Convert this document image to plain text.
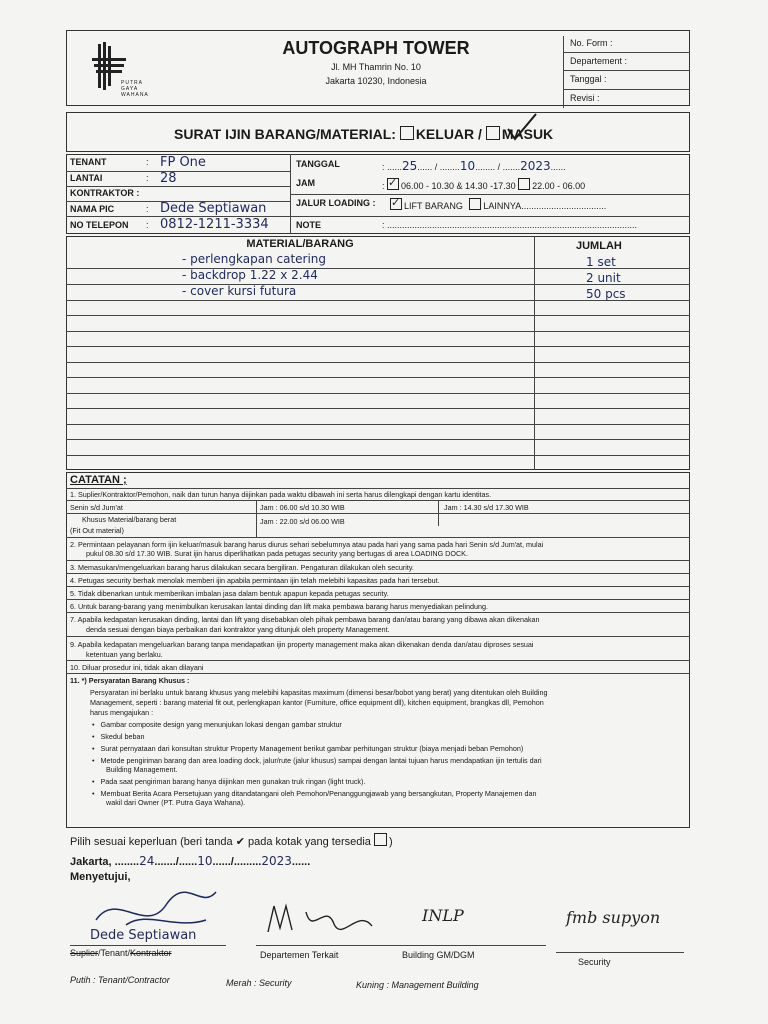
PUTRA
GAYA
WAHANA
AUTOGRAPH TOWER
Jl. MH Thamrin No. 10
Jakarta 10230, Indonesia
No. Form :
Departement :
Tanggal :
Revisi :
SURAT IJIN BARANG/MATERIAL: KELUAR / MASUK
TENANT	: FP One
LANTAI	: 28
KONTRAKTOR :
NAMA PIC	: Dede Septiawan
NO TELEPON : 0812-1211-3334
TANGGAL	: ......25...... / ........10........ / .......2023......
JAM	: ✓06.00 - 10.30 & 14.30 -17.30 22.00 - 06.00
JALUR LOADING :
✓	LIFT BARANG LAINNYA..................................
NOTE	: ....................................................................................................
MATERIAL/BARANG	JUMLAH
- perlengkapan catering	1 set
- backdrop 1.22 x 2.44	2 unit
- cover kursi futura	50 pcs
CATATAN ;
1. Suplier/Kontraktor/Pemohon, naik dan turun hanya diijinkan pada waktu dibawah ini serta harus dilengkapi dengan kartu identitas.
Senin s/d Jum'at	Jam : 06.00 s/d 10.30 WIB	Jam : 14.30 s/d 17.30 WIB
Khusus Material/barang berat	Jam : 22.00 s/d 06.00 WIB
(Fit Out material)
2. Permintaan pelayanan form ijin keluar/masuk barang harus diurus sehari sebelumnya atau pada hari yang sama pada hari Senin s/d Jum'at, mulai
pukul 08.30 s/d 17.30 WIB. Surat ijin harus diperlihatkan pada petugas security yang bertugas di area LOADING DOCK.
3. Memasukan/mengeluarkan barang harus dilakukan secara bergiliran. Pengaturan dilakukan oleh security.
4. Petugas security berhak menolak memberi ijin apabila permintaan ijin telah melebihi kapasitas pada hari tersebut.
5. Tidak dibenarkan untuk memberikan imbalan jasa dalam bentuk apapun kepada petugas security.
6. Untuk barang-barang yang menimbulkan kerusakan lantai dinding dan lift maka pembawa barang harus menyediakan pelindung.
7. Apabila kedapatan kerusakan dinding, lantai dan lift yang disebabkan oleh pihak pembawa barang dan/atau barang yang dibawa akan dikenakan
denda sesuai dengan biaya perbaikan dari kontraktor yang ditunjuk oleh property Management.
9. Apabila kedapatan mengeluarkan barang tanpa mendapatkan ijin property management maka akan dikenakan denda dan/atau diproses sesuai
ketentuan yang berlaku.
10. Diluar prosedur ini, tidak akan dilayani
11. *) Persyaratan Barang Khusus :
Persyaratan ini berlaku untuk barang khusus yang melebihi kapasitas maximum (dimensi besar/bobot yang berat) yang ditentukan oleh Building
Management, seperti : barang material fit out, perlengkapan kantor (Furniture, office equipment dll), kitchen equipment, brangkas dll, Pemohon
harus mengajukan :
•   Gambar composite design yang menunjukan lokasi dengan gambar struktur
•   Skedul beban
•   Surat pernyataan dari konsultan struktur Property Management berikut gambar perhitungan struktur (biaya menjadi beban Pemohon)
•   Metode pengiriman barang dan area loading dock, jalur/rute (jalur khusus) sampai dengan lantai tujuan harus mendapatkan ijin tertulis dari
Building Management.
•   Pada saat pengiriman barang hanya diijinkan men gunakan truk ringan (light truck).
•   Membuat Berita Acara Persetujuan yang ditandatangani oleh Pemohon/Penanggungjawab yang bersangkutan, Property Manajemen dan
wakil dari Owner (PT. Putra Gaya Wahana).
Pilih sesuai keperluan (beri tanda ✔ pada kotak yang tersedia )
Jakarta, ........24......./......10....../.........2023......
Menyetujui,
Dede Septiawan
Suplier/Tenant/Kontraktor	Departemen Terkait
INLP
Building GM/DGM
fmb supyon
Security
Putih : Tenant/Contractor	Merah : Security	Kuning : Management Building
